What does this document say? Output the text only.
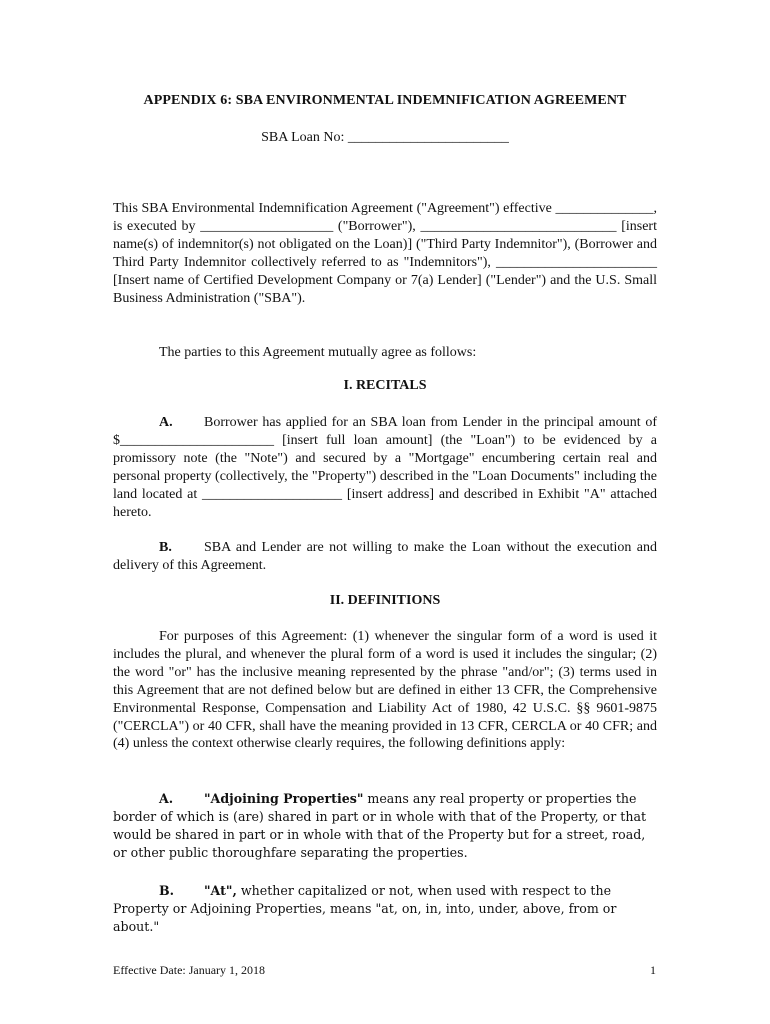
APPENDIX 6: SBA ENVIRONMENTAL INDEMNIFICATION AGREEMENT
SBA Loan No: _______________________
This SBA Environmental Indemnification Agreement ("Agreement") effective ______________, is executed by ___________________ ("Borrower"), ____________________________ [insert name(s) of indemnitor(s) not obligated on the Loan)] ("Third Party Indemnitor"), (Borrower and Third Party Indemnitor collectively referred to as "Indemnitors"), _______________________ [Insert name of Certified Development Company or 7(a) Lender] ("Lender") and the U.S. Small Business Administration ("SBA").
The parties to this Agreement mutually agree as follows:
I. RECITALS
A. Borrower has applied for an SBA loan from Lender in the principal amount of $______________________ [insert full loan amount] (the "Loan") to be evidenced by a promissory note (the "Note") and secured by a "Mortgage" encumbering certain real and personal property (collectively, the "Property") described in the "Loan Documents" including the land located at ____________________ [insert address] and described in Exhibit "A" attached hereto.
B. SBA and Lender are not willing to make the Loan without the execution and delivery of this Agreement.
II. DEFINITIONS
For purposes of this Agreement: (1) whenever the singular form of a word is used it includes the plural, and whenever the plural form of a word is used it includes the singular; (2) the word "or" has the inclusive meaning represented by the phrase "and/or"; (3) terms used in this Agreement that are not defined below but are defined in either 13 CFR, the Comprehensive Environmental Response, Compensation and Liability Act of 1980, 42 U.S.C. §§ 9601-9875 ("CERCLA") or 40 CFR, shall have the meaning provided in 13 CFR, CERCLA or 40 CFR; and (4) unless the context otherwise clearly requires, the following definitions apply:
A. "Adjoining Properties" means any real property or properties the border of which is (are) shared in part or in whole with that of the Property, or that would be shared in part or in whole with that of the Property but for a street, road, or other public thoroughfare separating the properties.
B. "At", whether capitalized or not, when used with respect to the Property or Adjoining Properties, means "at, on, in, into, under, above, from or about."
Effective Date: January 1, 2018	1
